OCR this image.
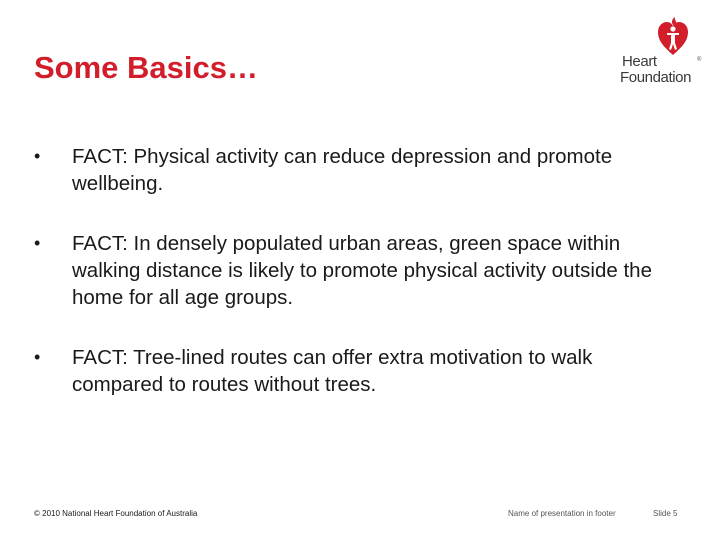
Some Basics…	Heart
Foundation
®
• FACT: Physical activity can reduce depression and promote wellbeing.
• FACT: In densely populated urban areas, green space within walking distance is likely to promote physical activity outside the home for all age groups.
• FACT: Tree-lined routes can offer extra motivation to walk compared to routes without trees.
© 2010 National Heart Foundation of Australia	Name of presentation in footer	Slide 5
